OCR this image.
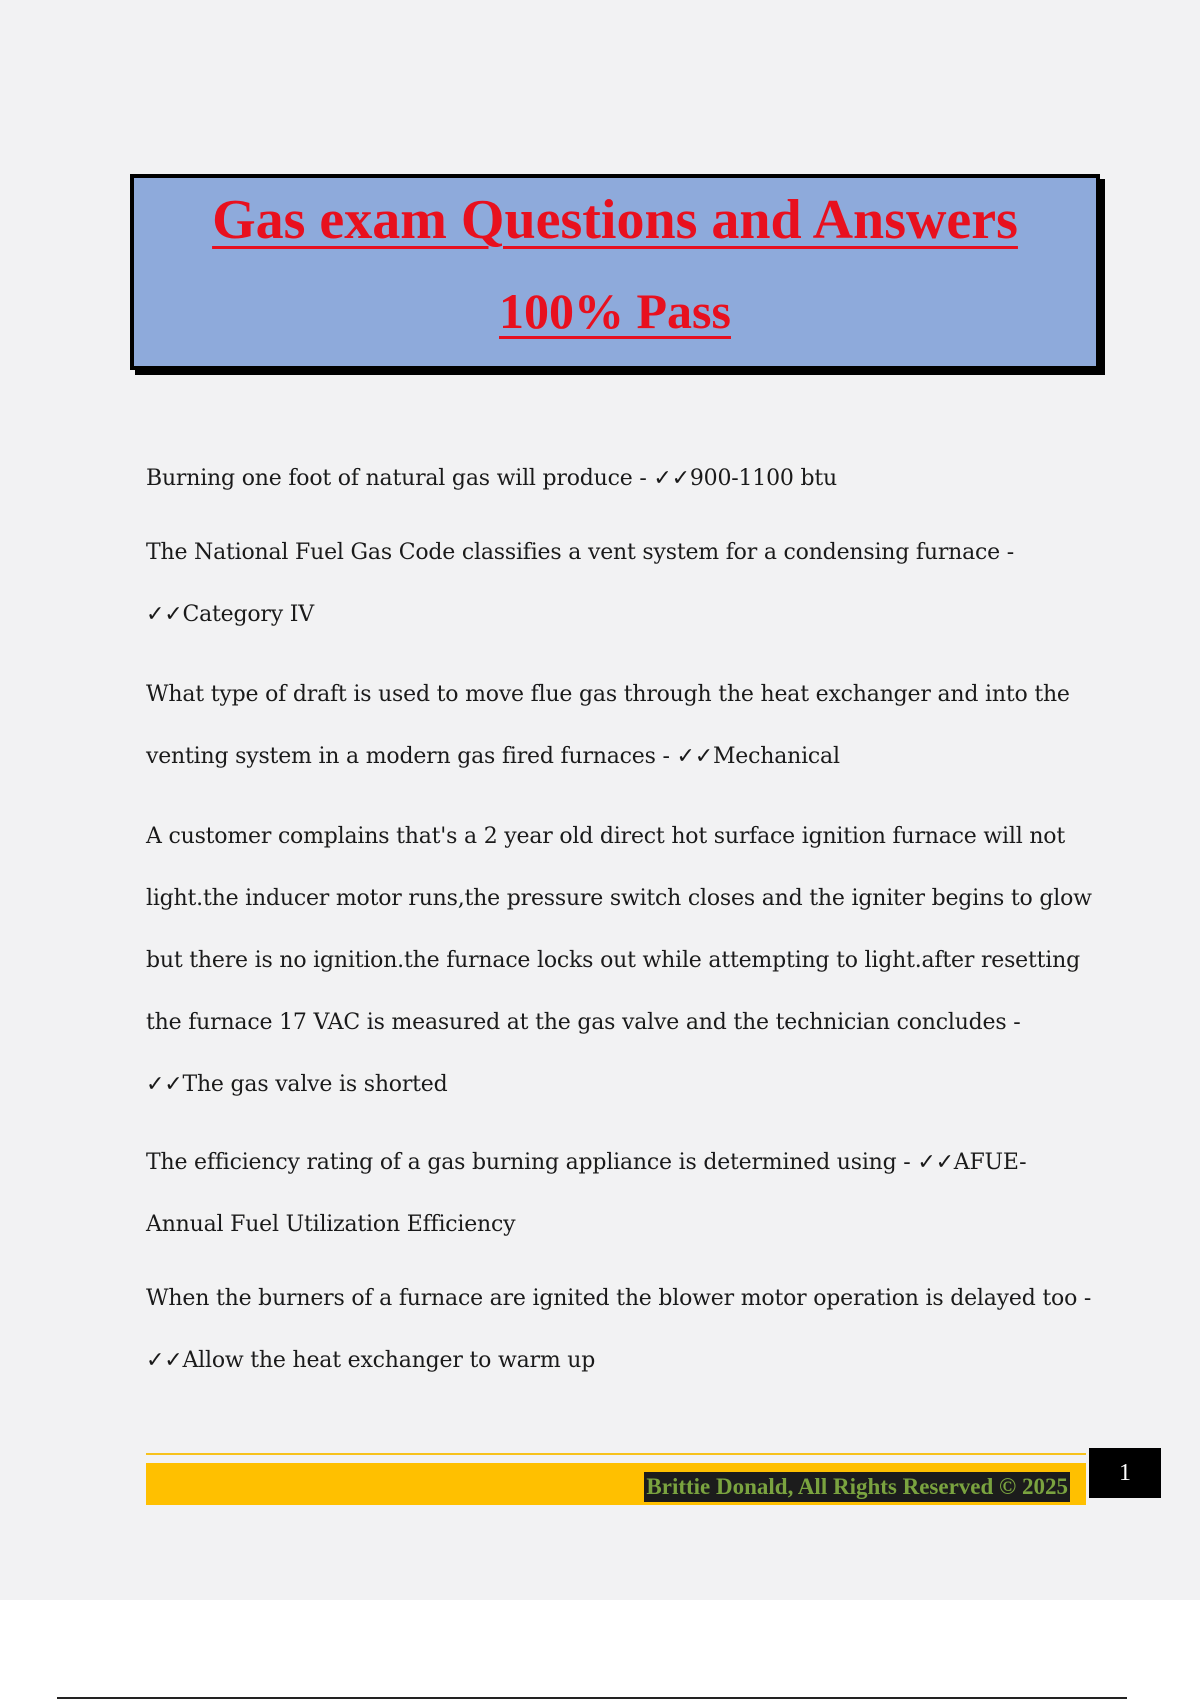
Gas exam Questions and Answers
100% Pass

Burning one foot of natural gas will produce - ✓✓900-1100 btu

The National Fuel Gas Code classifies a vent system for a condensing furnace - ✓✓Category IV

What type of draft is used to move flue gas through the heat exchanger and into the venting system in a modern gas fired furnaces - ✓✓Mechanical

A customer complains that's a 2 year old direct hot surface ignition furnace will not light.the inducer motor runs,the pressure switch closes and the igniter begins to glow but there is no ignition.the furnace locks out while attempting to light.after resetting the furnace 17 VAC is measured at the gas valve and the technician concludes - ✓✓The gas valve is shorted

The efficiency rating of a gas burning appliance is determined using - ✓✓AFUE-Annual Fuel Utilization Efficiency

When the burners of a furnace are ignited the blower motor operation is delayed too - ✓✓Allow the heat exchanger to warm up

Brittie Donald, All Rights Reserved © 2025
1
